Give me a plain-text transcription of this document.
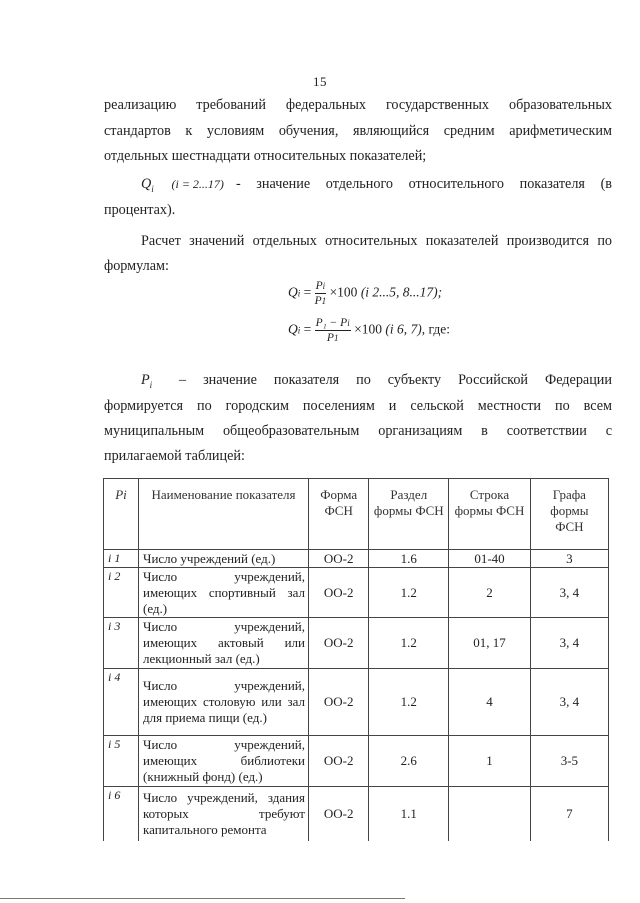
15
реализацию требований федеральных государственных образовательных
стандартов к условиям обучения, являющийся средним арифметическим
отдельных шестнадцати относительных показателей;
$Q_i$ (i = 2...17) - значение отдельного относительного показателя (в
процентах).
Расчет значений отдельных относительных показателей производится по
формулам:
$Qi = \frac{Pi}{P1} \times 100$ (i 2...5, 8...17);
$Qi = \frac{\text{P₁ − Pi}}{P1} \times 100$ (i 6, 7), где:
$P_i$	– значение показателя по субъекту Российской Федерации
формируется по городским поселениям и сельской местности по всем
муниципальным общеобразовательным организациям в соответствии с
прилагаемой таблицей:
Pi	Наименование показателя	Форма ФСН	Раздел формы ФСН	Строка формы ФСН	Графа формы ФСН
i 1	Число учреждений (ед.)	ОО-2	1.6	01-40	3
i 2	Число учреждений, имеющих спортивный зал (ед.)	ОО-2	1.2	2	3, 4
i 3	Число учреждений, имеющих актовый или лекционный зал (ед.)	ОО-2	1.2	01, 17	3, 4
i 4	Число учреждений, имеющих столовую или зал для приема пищи (ед.)	ОО-2	1.2	4	3, 4
i 5	Число учреждений, имеющих библиотеки (книжный фонд) (ед.)	ОО-2	2.6	1	3-5
i 6	Число учреждений, здания которых требуют капитального ремонта	ОО-2	1.1		7
